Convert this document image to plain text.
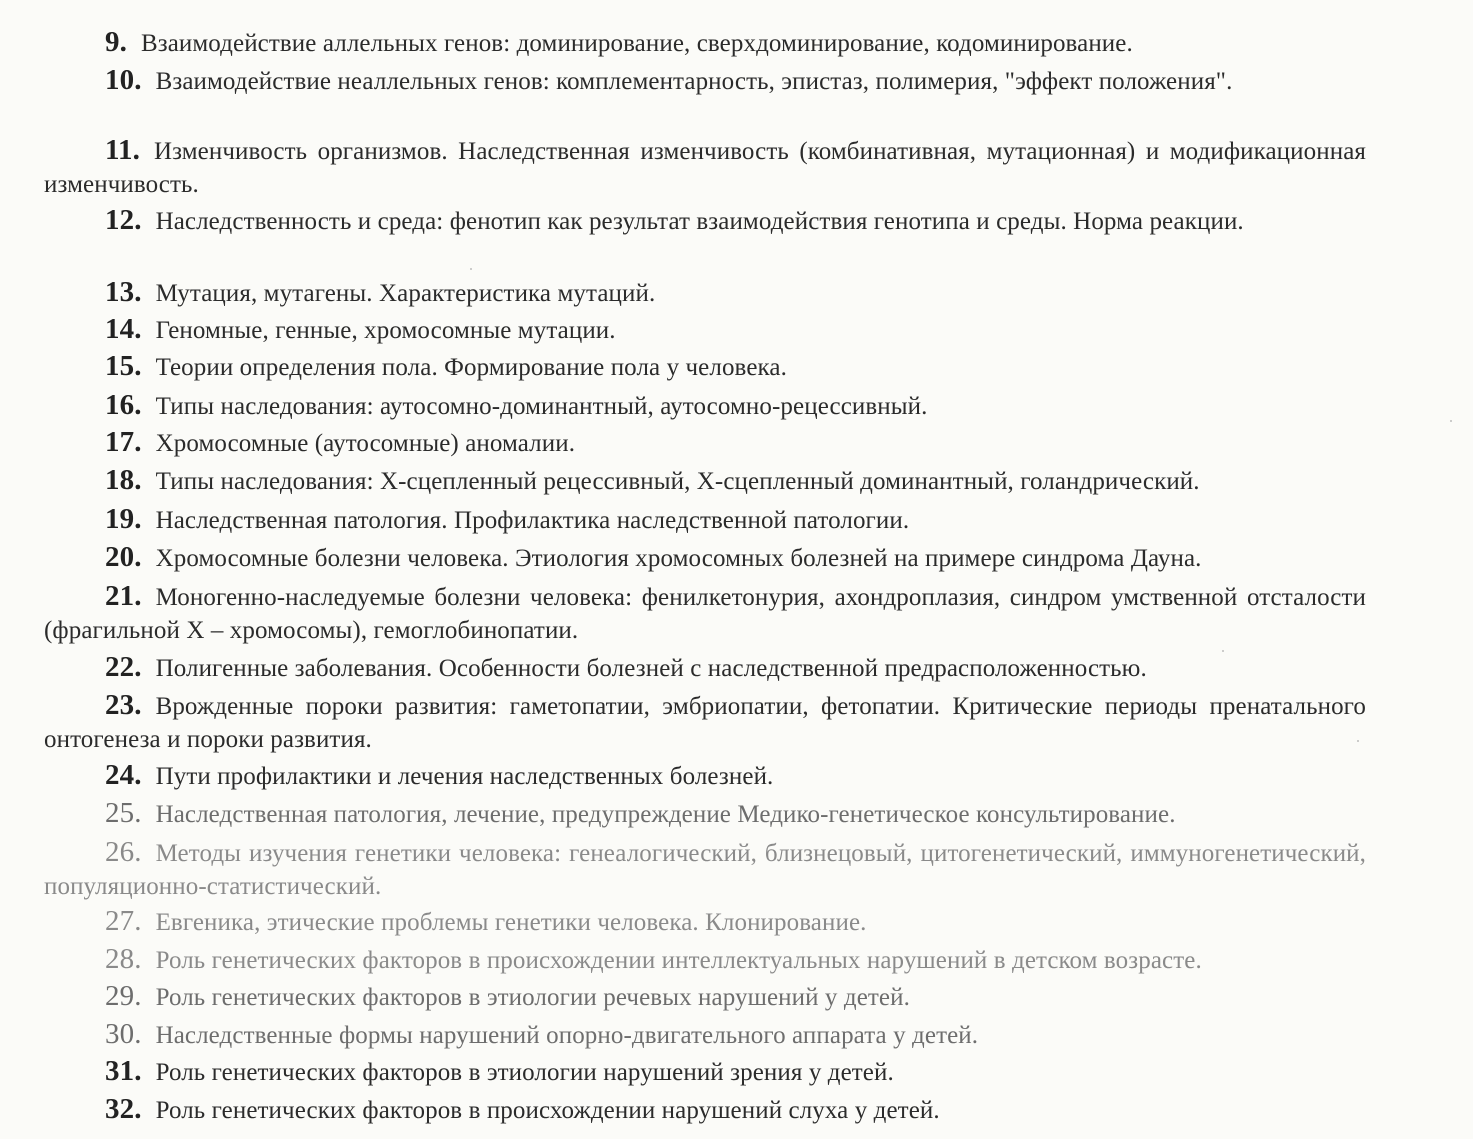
9. Взаимодействие аллельных генов: доминирование, сверхдоминирование, кодоминирование.

10. Взаимодействие неаллельных генов: комплементарность, эпистаз, полимерия, "эффект положения".

11. Изменчивость организмов. Наследственная изменчивость (комбинативная, мутационная) и модификационная изменчивость.

12. Наследственность и среда: фенотип как результат взаимодействия генотипа и среды. Норма реакции.

13. Мутация, мутагены. Характеристика мутаций.

14. Геномные, генные, хромосомные мутации.

15. Теории определения пола. Формирование пола у человека.

16. Типы наследования: аутосомно-доминантный, аутосомно-рецессивный.

17. Хромосомные (аутосомные) аномалии.

18. Типы наследования: Х-сцепленный рецессивный, Х-сцепленный доминантный, голандрический.

19. Наследственная патология. Профилактика наследственной патологии.

20. Хромосомные болезни человека. Этиология хромосомных болезней на примере синдрома Дауна.

21. Моногенно-наследуемые болезни человека: фенилкетонурия, ахондроплазия, синдром умственной отсталости (фрагильной Х – хромосомы), гемоглобинопатии.

22. Полигенные заболевания. Особенности болезней с наследственной предрасположенностью.

23. Врожденные пороки развития: гаметопатии, эмбриопатии, фетопатии. Критические периоды пренатального онтогенеза и пороки развития.

24. Пути профилактики и лечения наследственных болезней.

25. Наследственная патология, лечение, предупреждение Медико-генетическое консультирование.

26. Методы изучения генетики человека: генеалогический, близнецовый, цитогенетический, иммуногенетический, популяционно-статистический.

27. Евгеника, этические проблемы генетики человека. Клонирование.

28. Роль генетических факторов в происхождении интеллектуальных нарушений в детском возрасте.

29. Роль генетических факторов в этиологии речевых нарушений у детей.

30. Наследственные формы нарушений опорно-двигательного аппарата у детей.

31. Роль генетических факторов в этиологии нарушений зрения у детей.

32. Роль генетических факторов в происхождении нарушений слуха у детей.
